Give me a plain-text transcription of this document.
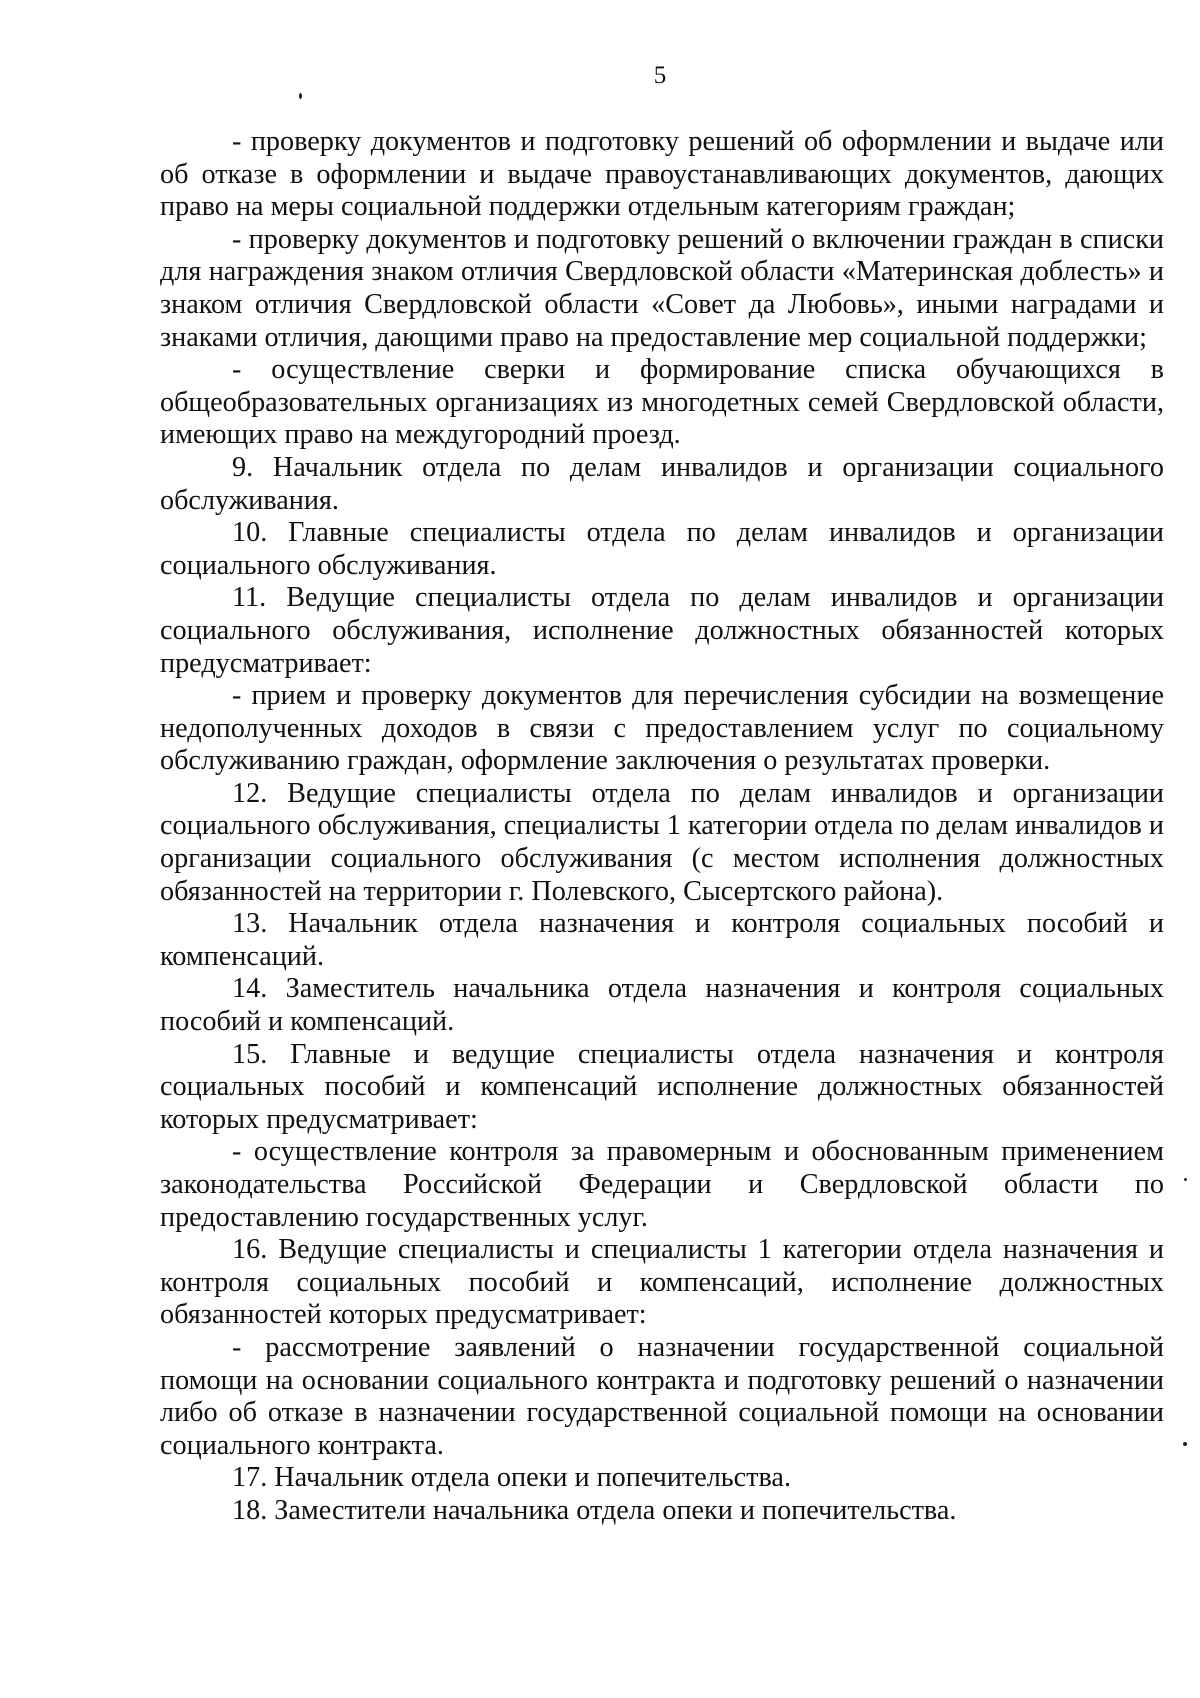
5

- проверку документов и подготовку решений об оформлении и выдаче или об отказе в оформлении и выдаче правоустанавливающих документов, дающих право на меры социальной поддержки отдельным категориям граждан;

- проверку документов и подготовку решений о включении граждан в списки для награждения знаком отличия Свердловской области «Материнская доблесть» и знаком отличия Свердловской области «Совет да Любовь», иными наградами и знаками отличия, дающими право на предоставление мер социальной поддержки;

- осуществление сверки и формирование списка обучающихся в общеобразовательных организациях из многодетных семей Свердловской области, имеющих право на междугородний проезд.

9. Начальник отдела по делам инвалидов и организации социального обслуживания.

10. Главные специалисты отдела по делам инвалидов и организации социального обслуживания.

11. Ведущие специалисты отдела по делам инвалидов и организации социального обслуживания, исполнение должностных обязанностей которых предусматривает:

- прием и проверку документов для перечисления субсидии на возмещение недополученных доходов в связи с предоставлением услуг по социальному обслуживанию граждан, оформление заключения о результатах проверки.

12. Ведущие специалисты отдела по делам инвалидов и организации социального обслуживания, специалисты 1 категории отдела по делам инвалидов и организации социального обслуживания (с местом исполнения должностных обязанностей на территории г. Полевского, Сысертского района).

13. Начальник отдела назначения и контроля социальных пособий и компенсаций.

14. Заместитель начальника отдела назначения и контроля социальных пособий и компенсаций.

15. Главные и ведущие специалисты отдела назначения и контроля социальных пособий и компенсаций исполнение должностных обязанностей которых предусматривает:

- осуществление контроля за правомерным и обоснованным применением законодательства Российской Федерации и Свердловской области по предоставлению государственных услуг.

16. Ведущие специалисты и специалисты 1 категории отдела назначения и контроля социальных пособий и компенсаций, исполнение должностных обязанностей которых предусматривает:

- рассмотрение заявлений о назначении государственной социальной помощи на основании социального контракта и подготовку решений о назначении либо об отказе в назначении государственной социальной помощи на основании социального контракта.

17. Начальник отдела опеки и попечительства.

18. Заместители начальника отдела опеки и попечительства.
